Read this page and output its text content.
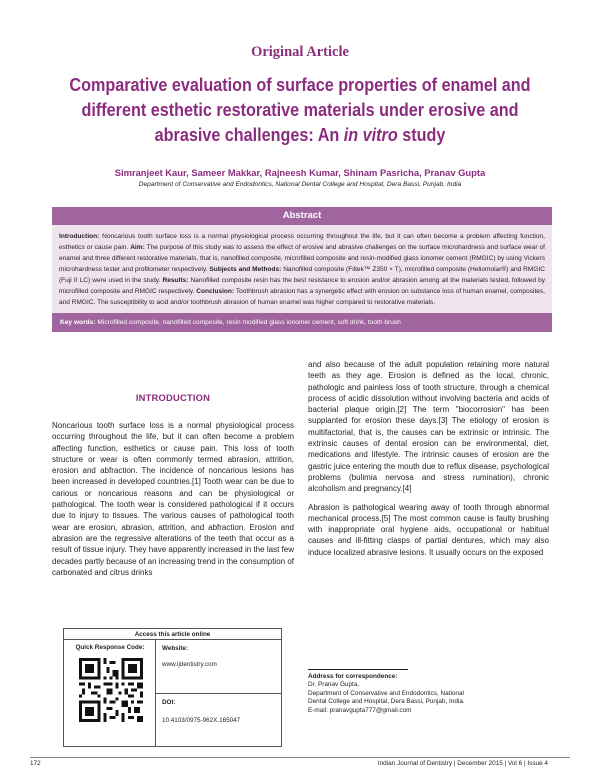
Original Article
Comparative evaluation of surface properties of enamel and different esthetic restorative materials under erosive and abrasive challenges: An in vitro study
Simranjeet Kaur, Sameer Makkar, Rajneesh Kumar, Shinam Pasricha, Pranav Gupta
Department of Conservative and Endodontics, National Dental College and Hospital, Dera Bassi, Punjab, India
Abstract
Introduction: Noncarious tooth surface loss is a normal physiological process occurring throughout the life, but it can often become a problem affecting function, esthetics or cause pain. Aim: The purpose of this study was to assess the effect of erosive and abrasive challenges on the surface microhardness and surface wear of enamel and three different restorative materials, that is, nanofilled composite, microfilled composite and resin-modified glass ionomer cement (RMGIC) by using Vickers microhardness tester and profilometer respectively. Subjects and Methods: Nanofilled composite (Filtek™ Z350 × T), microfilled composite (Heliomolar®) and RMGIC (Fuji II LC) were used in the study. Results: Nanofilled composite resin has the best resistance to erosion and/or abrasion among all the materials tested, followed by microfilled composite and RMGIC respectively. Conclusion: Toothbrush abrasion has a synergetic effect with erosion on substance loss of human enamel, composites, and RMGIC. The susceptibility to acid and/or toothbrush abrasion of human enamel was higher compared to restorative materials.
Key words: Microfilled composite, nanofilled composite, resin modified glass ionomer cement, soft drink, tooth brush
INTRODUCTION

Noncarious tooth surface loss is a normal physiological process occurring throughout the life, but it can often become a problem affecting function, esthetics or cause pain. This loss of tooth structure or wear is often commonly termed abrasion, attrition, erosion and abfraction. The incidence of noncarious lesions has been increased in developed countries.[1] Tooth wear can be due to carious or noncarious reasons and can be physiological or pathological. The tooth wear is considered pathological if it occurs due to injury to tissues. The various causes of pathological tooth wear are erosion, abrasion, attrition, and abfraction. Erosion and abrasion are the regressive alterations of the teeth that occur as a result of tissue injury. They have apparently increased in the last few decades partly because of an increasing trend in the consumption of carbonated and citrus drinks

and also because of the adult population retaining more natural teeth as they age. Erosion is defined as the local, chronic, pathologic and painless loss of tooth structure, through a chemical process of acidic dissolution without involving bacteria and acids of bacterial plaque origin.[2] The term "biocorrosion" has been supplanted for erosion these days.[3] The etiology of erosion is multifactorial, that is, the causes can be extrinsic or intrinsic. The extrinsic causes of dental erosion can be environmental, diet, medications and lifestyle. The intrinsic causes of erosion are the gastric juice entering the mouth due to reflux disease, psychological problems (bulimia nervosa and stress rumination), chronic alcoholism and pregnancy.[4]

Abrasion is pathological wearing away of tooth through abnormal mechanical process.[5] The most common cause is faulty brushing with inappropriate oral hygiene aids, occupational or habitual causes and ill-fitting clasps of partial dentures, which may also induce localized abrasive lesions. It usually occurs on the exposed

Access this article online
Quick Response Code:	Website:
www.ijdentistry.com
DOI:
10.4103/0975-962X.165047
Address for correspondence:
Dr. Pranav Gupta,
Department of Conservative and Endodontics, National
Dental College and Hospital, Dera Bassi, Punjab, India.
E-mail: pranavgupta777@gmail.com
172	Indian Journal of Dentistry | December 2015 | Vol 6 | Issue 4
